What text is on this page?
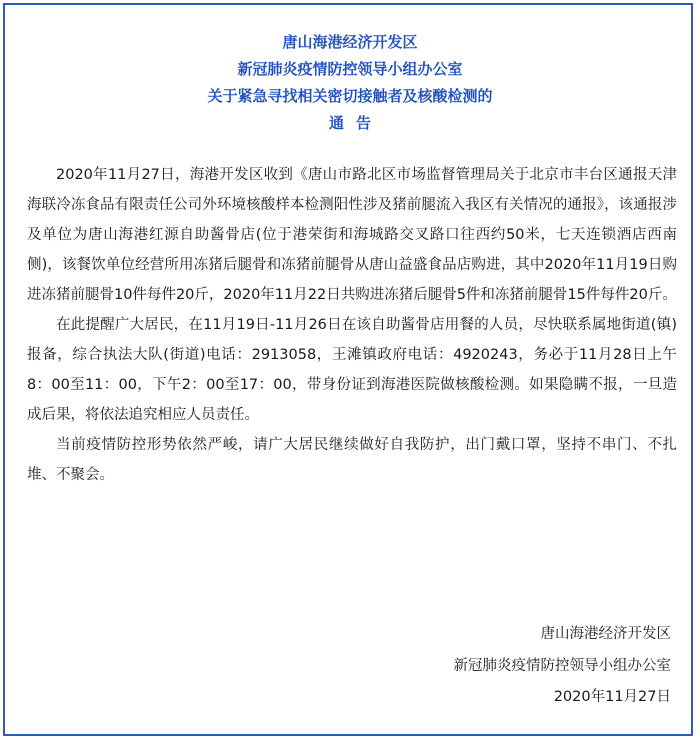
唐山海港经济开发区
新冠肺炎疫情防控领导小组办公室
关于紧急寻找相关密切接触者及核酸检测的
通告

2020年11月27日，海港开发区收到《唐山市路北区市场监督管理局关于北京市丰台区通报天津海联冷冻食品有限责任公司外环境核酸样本检测阳性涉及猪前腿流入我区有关情况的通报》，该通报涉及单位为唐山海港红源自助酱骨店(位于港荣街和海城路交叉路口往西约50米，七天连锁酒店西南侧)，该餐饮单位经营所用冻猪后腿骨和冻猪前腿骨从唐山益盛食品店购进，其中2020年11月19日购进冻猪前腿骨10件每件20斤，2020年11月22日共购进冻猪后腿骨5件和冻猪前腿骨15件每件20斤。

在此提醒广大居民，在11月19日-11月26日在该自助酱骨店用餐的人员，尽快联系属地街道(镇)报备，综合执法大队(街道)电话：2913058，王滩镇政府电话：4920243，务必于11月28日上午8：00至11：00，下午2：00至17：00，带身份证到海港医院做核酸检测。如果隐瞒不报，一旦造成后果，将依法追究相应人员责任。

当前疫情防控形势依然严峻，请广大居民继续做好自我防护，出门戴口罩，坚持不串门、不扎堆、不聚会。

唐山海港经济开发区
新冠肺炎疫情防控领导小组办公室
2020年11月27日
